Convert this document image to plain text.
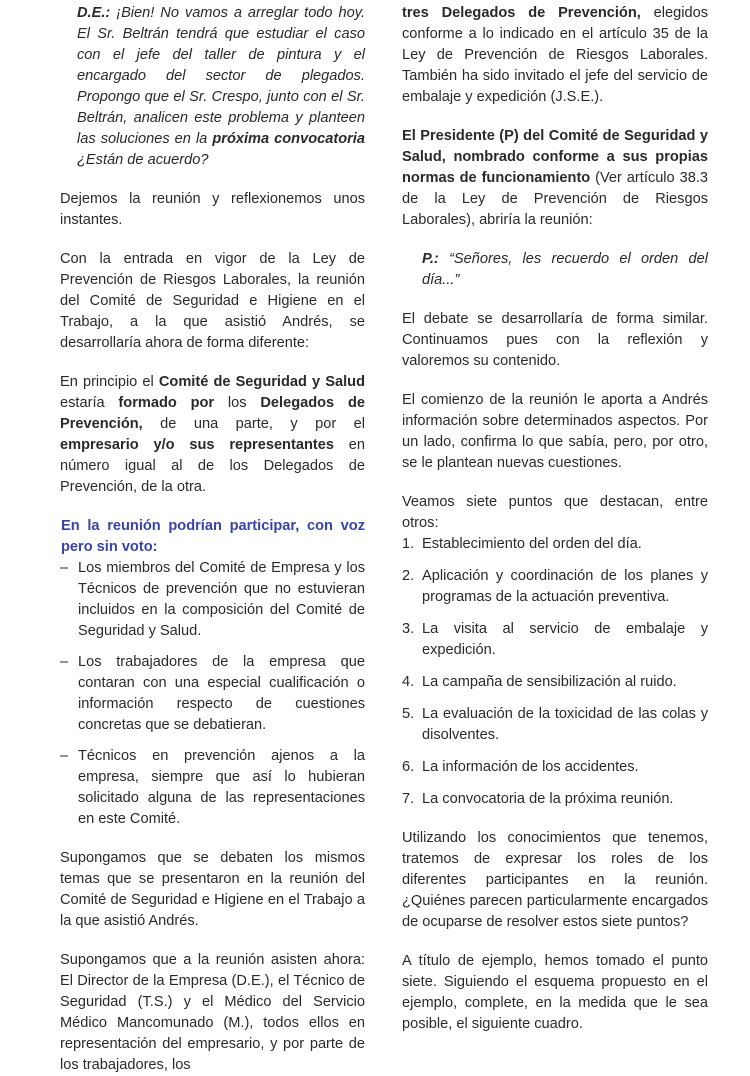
D.E.: ¡Bien! No vamos a arreglar todo hoy. El Sr. Beltrán tendrá que estudiar el caso con el jefe del taller de pintura y el encargado del sector de plegados. Propongo que el Sr. Crespo, junto con el Sr. Beltrán, analicen este problema y planteen las soluciones en la próxima convocatoria ¿Están de acuerdo?

Dejemos la reunión y reflexionemos unos instantes.

Con la entrada en vigor de la Ley de Prevención de Riesgos Laborales, la reunión del Comité de Seguridad e Higiene en el Trabajo, a la que asistió Andrés, se desarrollaría ahora de forma diferente:

En principio el Comité de Seguridad y Salud estaría formado por los Delegados de Prevención, de una parte, y por el empresario y/o sus representantes en número igual al de los Delegados de Prevención, de la otra.

En la reunión podrían participar, con voz pero sin voto:

– Los miembros del Comité de Empresa y los Técnicos de prevención que no estuvieran incluidos en la composición del Comité de Seguridad y Salud.
– Los trabajadores de la empresa que contaran con una especial cualificación o información respecto de cuestiones concretas que se debatieran.
– Técnicos en prevención ajenos a la empresa, siempre que así lo hubieran solicitado alguna de las representaciones en este Comité.

Supongamos que se debaten los mismos temas que se presentaron en la reunión del Comité de Seguridad e Higiene en el Trabajo a la que asistió Andrés.

Supongamos que a la reunión asisten ahora: El Director de la Empresa (D.E.), el Técnico de Seguridad (T.S.) y el Médico del Servicio Médico Mancomunado (M.), todos ellos en representación del empresario, y por parte de los trabajadores, los

tres Delegados de Prevención, elegidos conforme a lo indicado en el artículo 35 de la Ley de Prevención de Riesgos Laborales. También ha sido invitado el jefe del servicio de embalaje y expedición (J.S.E.).

El Presidente (P) del Comité de Seguridad y Salud, nombrado conforme a sus propias normas de funcionamiento (Ver artículo 38.3 de la Ley de Prevención de Riesgos Laborales), abriría la reunión:

P.: “Señores, les recuerdo el orden del día...”

El debate se desarrollaría de forma similar. Continuamos pues con la reflexión y valoremos su contenido.

El comienzo de la reunión le aporta a Andrés información sobre determinados aspectos. Por un lado, confirma lo que sabía, pero, por otro, se le plantean nuevas cuestiones.

Veamos siete puntos que destacan, entre otros:

1. Establecimiento del orden del día.
2. Aplicación y coordinación de los planes y programas de la actuación preventiva.
3. La visita al servicio de embalaje y expedición.
4. La campaña de sensibilización al ruido.
5. La evaluación de la toxicidad de las colas y disolventes.
6. La información de los accidentes.
7. La convocatoria de la próxima reunión.

Utilizando los conocimientos que tenemos, tratemos de expresar los roles de los diferentes participantes en la reunión. ¿Quiénes parecen particularmente encargados de ocuparse de resolver estos siete puntos?

A título de ejemplo, hemos tomado el punto siete. Siguiendo el esquema propuesto en el ejemplo, complete, en la medida que le sea posible, el siguiente cuadro.
